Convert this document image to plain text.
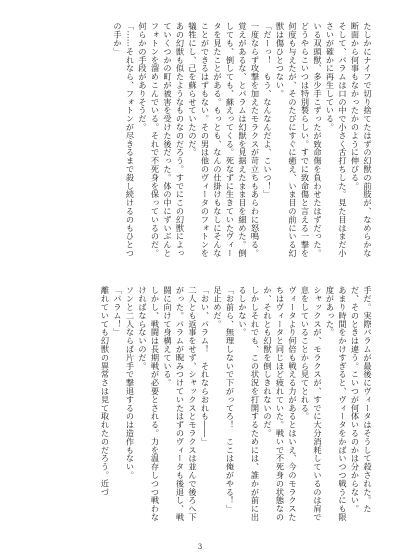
たしかにナイフで切り捨てたはずの幻獣の前肢が、なめらかな断面から何事もなかったかのように伸びる。
そして、パラムは口の中で小さく舌打ちした。見た目はまだ小さいが確かに再生している。
いる双頭獣、多少手こずったが致命傷を負わせたはずだった。どうやらこいつは特別製らしい。すでに致命傷と言える一撃を何度も与えたが、そのたびにすぐに癒え、いま目の前にいる幻獣は傷ひとつない。
「だーっ！　もう、なんなんだよ、こいつ！」
一度ならず攻撃を加えたモラクスが苛立ちもあらわに怒鳴る。
覚えがあるな、とパラムは幻獣を見据えたまま目を細めた。倒しても、倒しても、蘇えってくる。死なずに生きていたヴィータを見たことがある。もっとも、なんの仕掛けもなしにそんなことができるはずもない。その男は他のヴィータのフォトンを犠牲にし、己を蘇らせていたのだ。
あの幻獣も似たようなものなのだろう。すでにこの幻獣によっていくつかの町が被害を受けた後だった。体の中にずいぶんとフォトンを溜めこんでいる。それで不死身を保っているのだ。
何らかの手段がありそうだ。
「……それなら、フォトンが尽きるまで殺し続けるのもひとつの手か」
手だ。実際パラムが最後にヴィータはそうして殺された。ただ、そのときは違う。こいつが何体いるのかは分からない。
あまり時間をかけすぎると、ヴィータをかばいつつ戦うにも限度があった。
シャックスが、モラクスが、すでに大分消耗しているのは肩で息をしていることから見てとれる。
ヴィータより何倍も戦える力があるとはいえ、今のモラクスたちはヴィータと同じほど疲れていた。戦いで不死身の状態なのか、それとも幻獣を倒しきれないのだ。
しかしそれでも、この状況を打開するためには、誰かが前に出るしかない。
「お前ら、無理しないで下がってろ！　ここは俺がやる！」
足止めだ。
「おい、パラム！　それならおれも――」
二人とも返事をせず、シャックスとモラクスは並んで後ろへ下がった。パラムが睨みつけていたはずのヴィータも後退し、戦闘に向けて身構えている。
しかし、戦闘は長期戦が必要とされる。力を温存しつつ戦わなければならないのだ。
ソンと二人ならば片手で撃退するのは造作もない。
「パラム！」
離れていても幻獣の異常さは見て取れたのだろう。近づ
3
